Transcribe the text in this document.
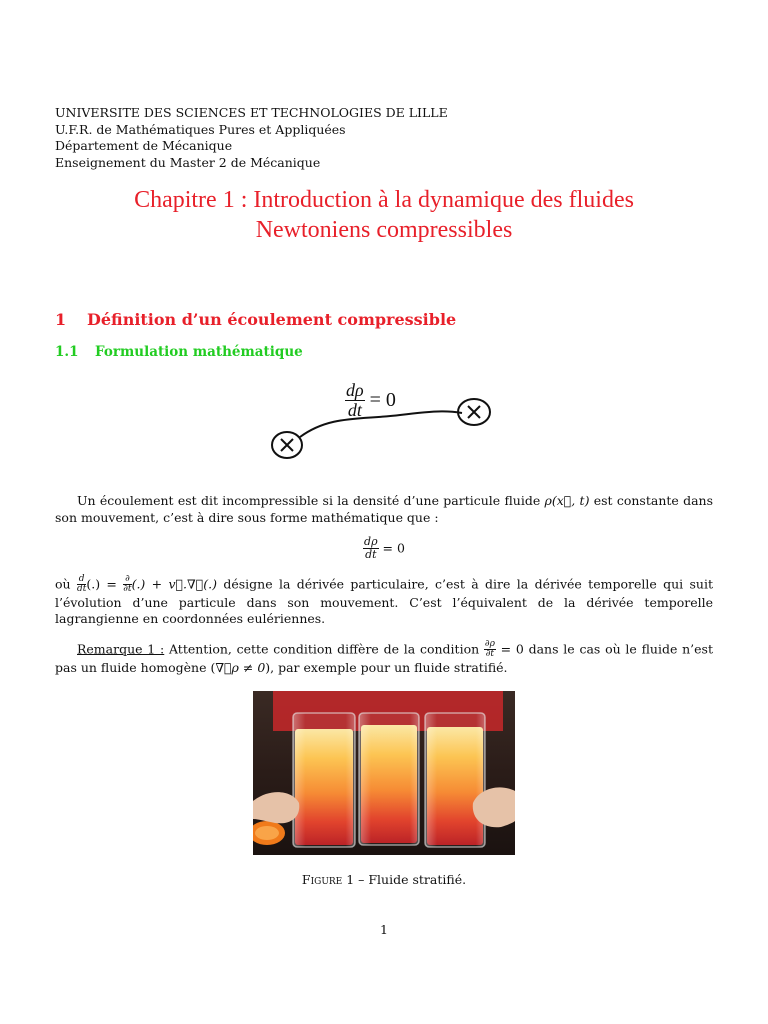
UNIVERSITE DES SCIENCES ET TECHNOLOGIES DE LILLE
U.F.R. de Mathématiques Pures et Appliquées
Département de Mécanique
Enseignement du Master 2 de Mécanique
Chapitre 1 : Introduction à la dynamique des fluides
Newtoniens compressibles
1 Définition d’un écoulement compressible
1.1 Formulation mathématique
$\frac{d\rho}{dt} = 0$
Un écoulement est dit incompressible si la densité d’une particule fluide ρ(x⃗, t) est constante dans son mouvement, c’est à dire sous forme mathématique que :
$\frac{d\rho}{dt} = 0$
où $\frac{d}{dt}$ (.) = $\frac{\partial}{\partial t}$ (.) + v⃗.∇⃗(.) désigne la dérivée particulaire, c’est à dire la dérivée temporelle qui suit l’évolution d’une particule dans son mouvement. C’est l’équivalent de la dérivée temporelle lagrangienne en coordonnées eulériennes.
Remarque 1 : Attention, cette condition diffère de la condition $\frac{\partial\rho}{\partial t} = 0$ dans le cas où le fluide n’est pas un fluide homogène (∇⃗ρ ≠ 0), par exemple pour un fluide stratifié.
Figure 1 – Fluide stratifié.
1
